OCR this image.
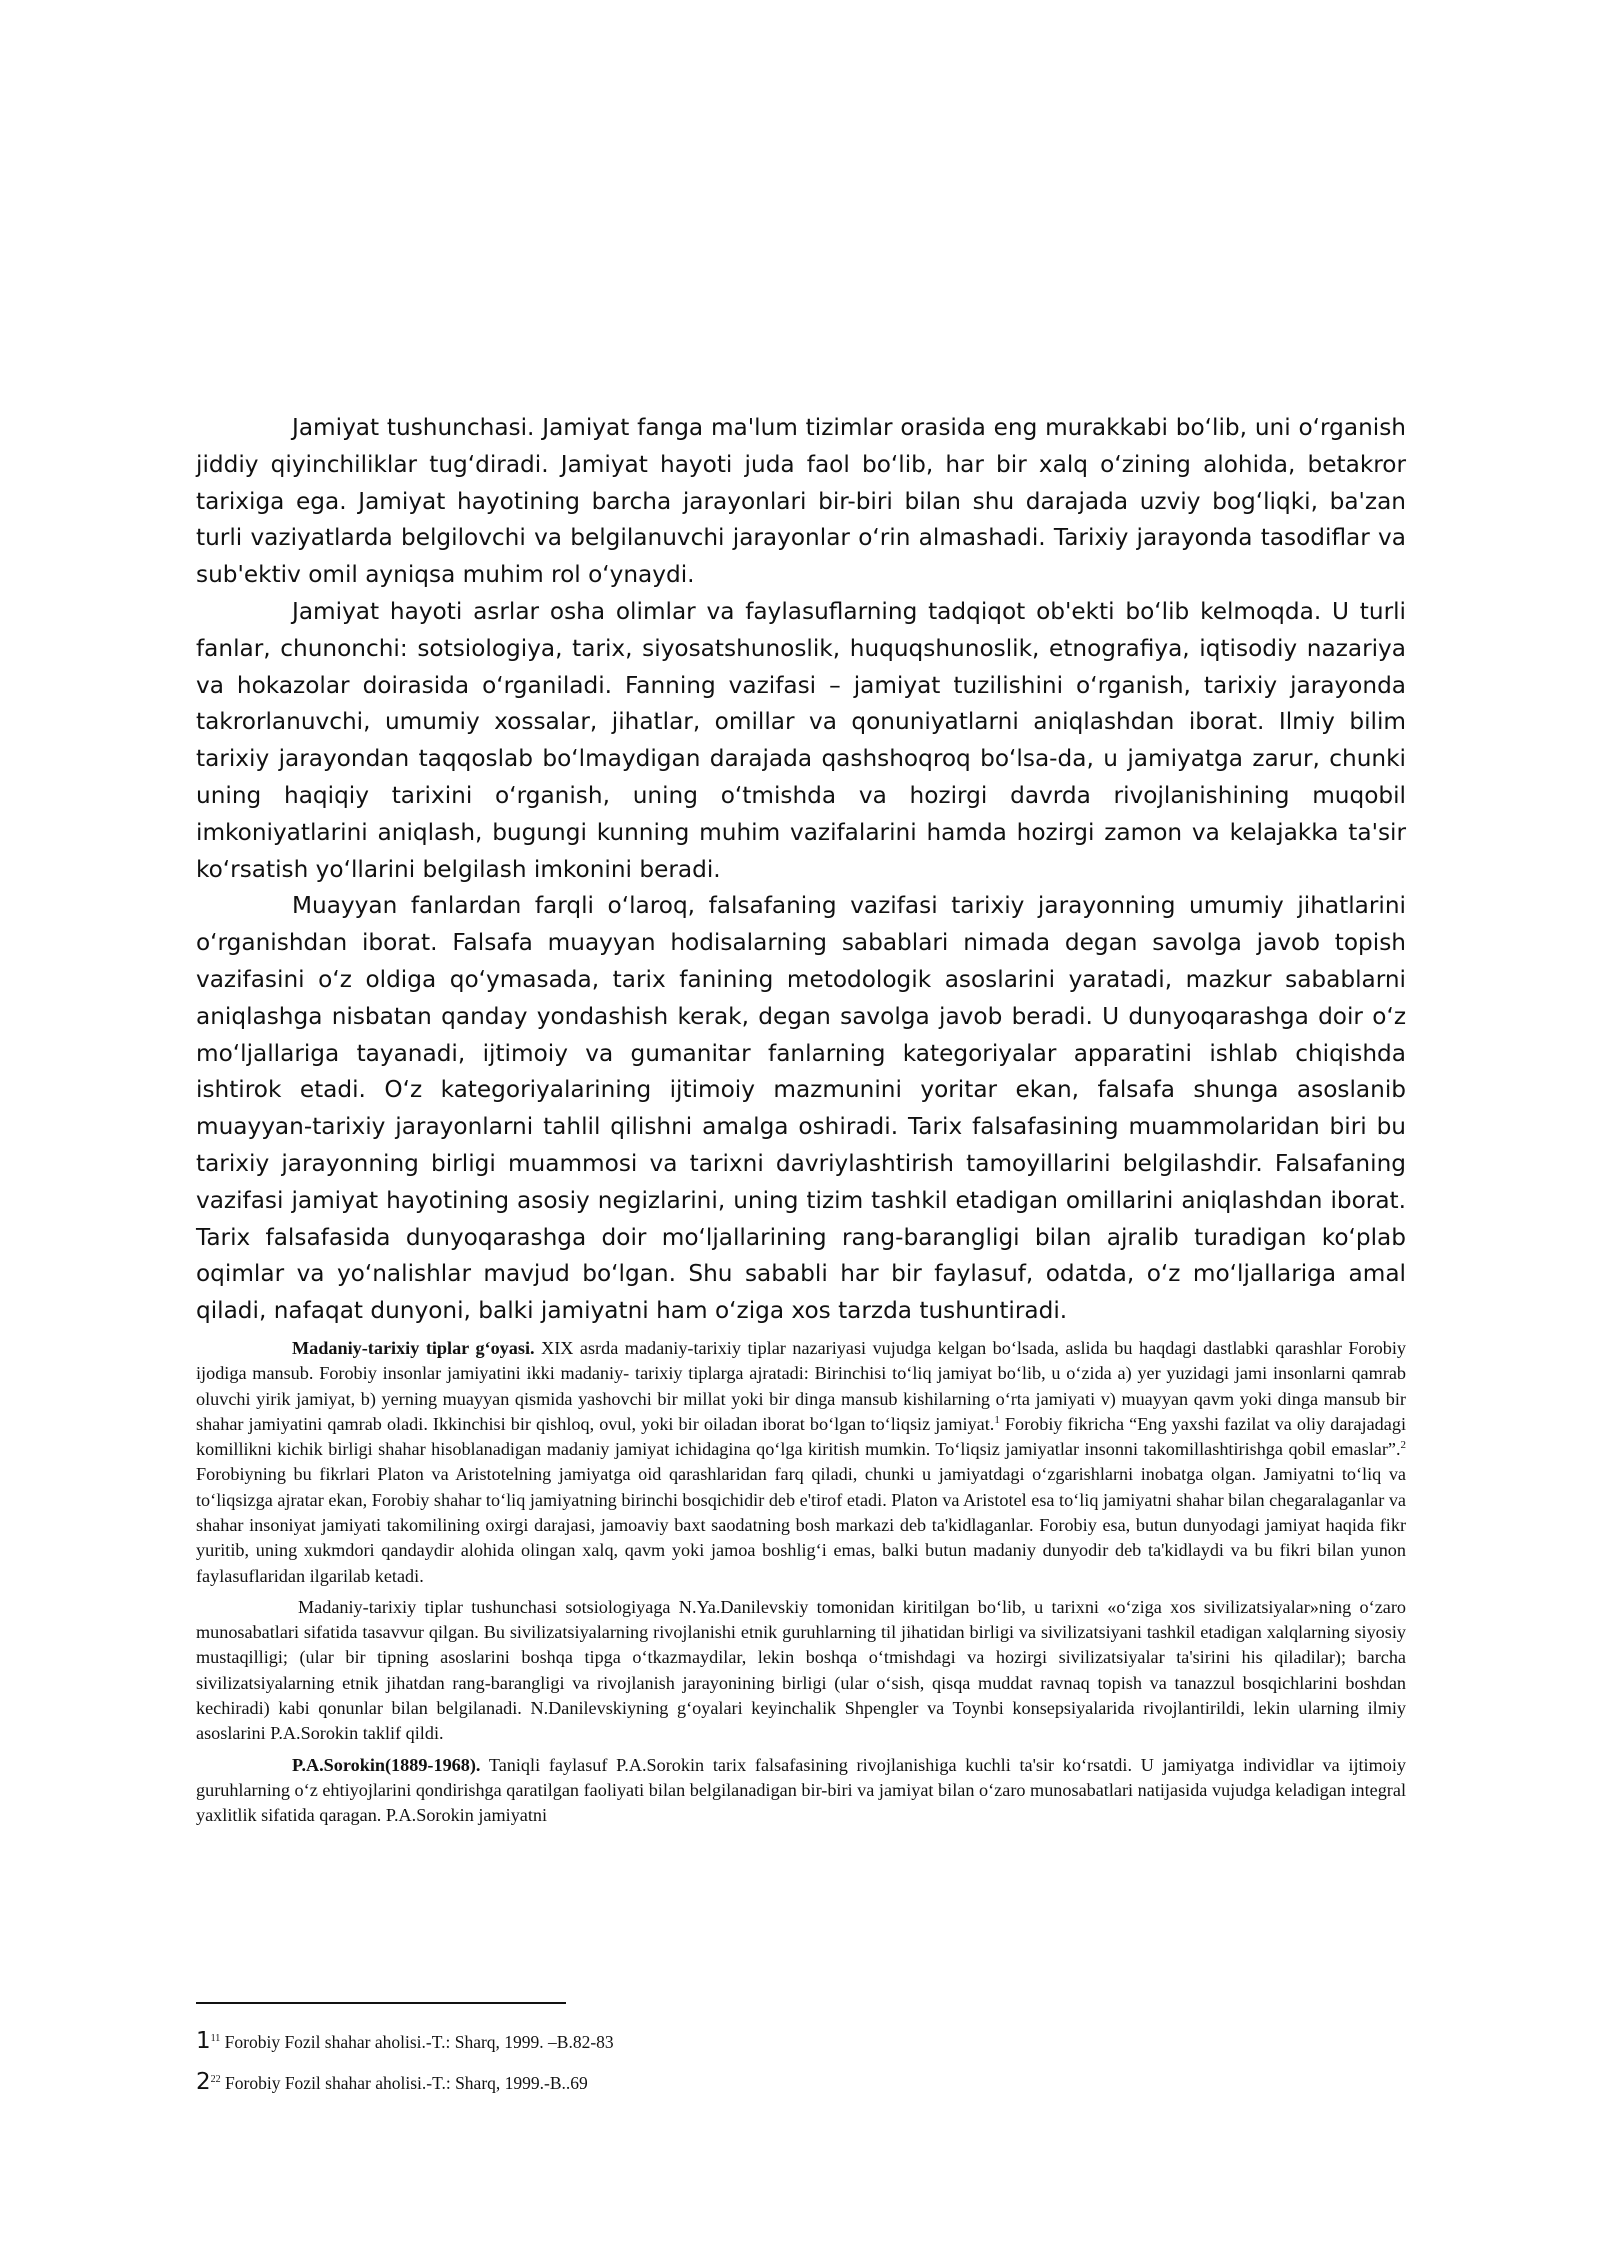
Jamiyat tushunchasi. Jamiyat fanga ma'lum tizimlar orasida eng murakkabi bo‘lib, uni o‘rganish jiddiy qiyinchiliklar tug‘diradi. Jamiyat hayoti juda faol bo‘lib, har bir xalq o‘zining alohida, betakror tarixiga ega. Jamiyat hayotining barcha jarayonlari bir-biri bilan shu darajada uzviy bog‘liqki, ba'zan turli vaziyatlarda belgilovchi va belgilanuvchi jarayonlar o‘rin almashadi. Tarixiy jarayonda tasodiflar va sub'ektiv omil ayniqsa muhim rol o‘ynaydi.

Jamiyat hayoti asrlar osha olimlar va faylasuflarning tadqiqot ob'ekti bo‘lib kelmoqda. U turli fanlar, chunonchi: sotsiologiya, tarix, siyosatshunoslik, huquqshunoslik, etnografiya, iqtisodiy nazariya va hokazolar doirasida o‘rganiladi. Fanning vazifasi – jamiyat tuzilishini o‘rganish, tarixiy jarayonda takrorlanuvchi, umumiy xossalar, jihatlar, omillar va qonuniyatlarni aniqlashdan iborat. Ilmiy bilim tarixiy jarayondan taqqoslab bo‘lmaydigan darajada qashshoqroq bo‘lsa-da, u jamiyatga zarur, chunki uning haqiqiy tarixini o‘rganish, uning o‘tmishda va hozirgi davrda rivojlanishining muqobil imkoniyatlarini aniqlash, bugungi kunning muhim vazifalarini hamda hozirgi zamon va kelajakka ta'sir ko‘rsatish yo‘llarini belgilash imkonini beradi.

Muayyan fanlardan farqli o‘laroq, falsafaning vazifasi tarixiy jarayonning umumiy jihatlarini o‘rganishdan iborat. Falsafa muayyan hodisalarning sabablari nimada degan savolga javob topish vazifasini o‘z oldiga qo‘ymasada, tarix fanining metodologik asoslarini yaratadi, mazkur sabablarni aniqlashga nisbatan qanday yondashish kerak, degan savolga javob beradi. U dunyoqarashga doir o‘z mo‘ljallariga tayanadi, ijtimoiy va gumanitar fanlarning kategoriyalar apparatini ishlab chiqishda ishtirok etadi. O‘z kategoriyalarining ijtimoiy mazmunini yoritar ekan, falsafa shunga asoslanib muayyan-tarixiy jarayonlarni tahlil qilishni amalga oshiradi. Tarix falsafasining muammolaridan biri bu tarixiy jarayonning birligi muammosi va tarixni davriylashtirish tamoyillarini belgilashdir. Falsafaning vazifasi jamiyat hayotining asosiy negizlarini, uning tizim tashkil etadigan omillarini aniqlashdan iborat. Tarix falsafasida dunyoqarashga doir mo‘ljallarining rang-barangligi bilan ajralib turadigan ko‘plab oqimlar va yo‘nalishlar mavjud bo‘lgan. Shu sababli har bir faylasuf, odatda, o‘z mo‘ljallariga amal qiladi, nafaqat dunyoni, balki jamiyatni ham o‘ziga xos tarzda tushuntiradi.

Madaniy-tarixiy tiplar g‘oyasi. XIX asrda madaniy-tarixiy tiplar nazariyasi vujudga kelgan bo‘lsada, aslida bu haqdagi dastlabki qarashlar Forobiy ijodiga mansub. Forobiy insonlar jamiyatini ikki madaniy- tarixiy tiplarga ajratadi: Birinchisi to‘liq jamiyat bo‘lib, u o‘zida a) yer yuzidagi jami insonlarni qamrab oluvchi yirik jamiyat, b) yerning muayyan qismida yashovchi bir millat yoki bir dinga mansub kishilarning o‘rta jamiyati v) muayyan qavm yoki dinga mansub bir shahar jamiyatini qamrab oladi. Ikkinchisi bir qishloq, ovul, yoki bir oiladan iborat bo‘lgan to‘liqsiz jamiyat.$^1$ Forobiy fikricha “Eng yaxshi fazilat va oliy darajadagi komillikni kichik birligi shahar hisoblanadigan madaniy jamiyat ichidagina qo‘lga kiritish mumkin. To‘liqsiz jamiyatlar insonni takomillashtirishga qobil emaslar”.$^2$ Forobiyning bu fikrlari Platon va Aristotelning jamiyatga oid qarashlaridan farq qiladi, chunki u jamiyatdagi o‘zgarishlarni inobatga olgan. Jamiyatni to‘liq va to‘liqsizga ajratar ekan, Forobiy shahar to‘liq jamiyatning birinchi bosqichidir deb e'tirof etadi. Platon va Aristotel esa to‘liq jamiyatni shahar bilan chegaralaganlar va shahar insoniyat jamiyati takomilining oxirgi darajasi, jamoaviy baxt saodatning bosh markazi deb ta'kidlaganlar. Forobiy esa, butun dunyodagi jamiyat haqida fikr yuritib, uning xukmdori qandaydir alohida olingan xalq, qavm yoki jamoa boshlig‘i emas, balki butun madaniy dunyodir deb ta'kidlaydi va bu fikri bilan yunon faylasuflaridan ilgarilab ketadi.

Madaniy-tarixiy tiplar tushunchasi sotsiologiyaga N.Ya.Danilevskiy tomonidan kiritilgan bo‘lib, u tarixni «o‘ziga xos sivilizatsiyalar»ning o‘zaro munosabatlari sifatida tasavvur qilgan. Bu sivilizatsiyalarning rivojlanishi etnik guruhlarning til jihatidan birligi va sivilizatsiyani tashkil etadigan xalqlarning siyosiy mustaqilligi; (ular bir tipning asoslarini boshqa tipga o‘tkazmaydilar, lekin boshqa o‘tmishdagi va hozirgi sivilizatsiyalar ta'sirini his qiladilar); barcha sivilizatsiyalarning etnik jihatdan rang-barangligi va rivojlanish jarayonining birligi (ular o‘sish, qisqa muddat ravnaq topish va tanazzul bosqichlarini boshdan kechiradi) kabi qonunlar bilan belgilanadi. N.Danilevskiyning g‘oyalari keyinchalik Shpengler va Toynbi konsepsiyalarida rivojlantirildi, lekin ularning ilmiy asoslarini P.A.Sorokin taklif qildi.

P.A.Sorokin(1889-1968). Taniqli faylasuf P.A.Sorokin tarix falsafasining rivojlanishiga kuchli ta'sir ko‘rsatdi. U jamiyatga individlar va ijtimoiy guruhlarning o‘z ehtiyojlarini qondirishga qaratilgan faoliyati bilan belgilanadigan bir-biri va jamiyat bilan o‘zaro munosabatlari natijasida vujudga keladigan integral yaxlitlik sifatida qaragan. P.A.Sorokin jamiyatni

1$^{11}$ Forobiy Fozil shahar aholisi.-T.: Sharq, 1999. –B.82-83
2$^{22}$ Forobiy Fozil shahar aholisi.-T.: Sharq, 1999.-B..69
